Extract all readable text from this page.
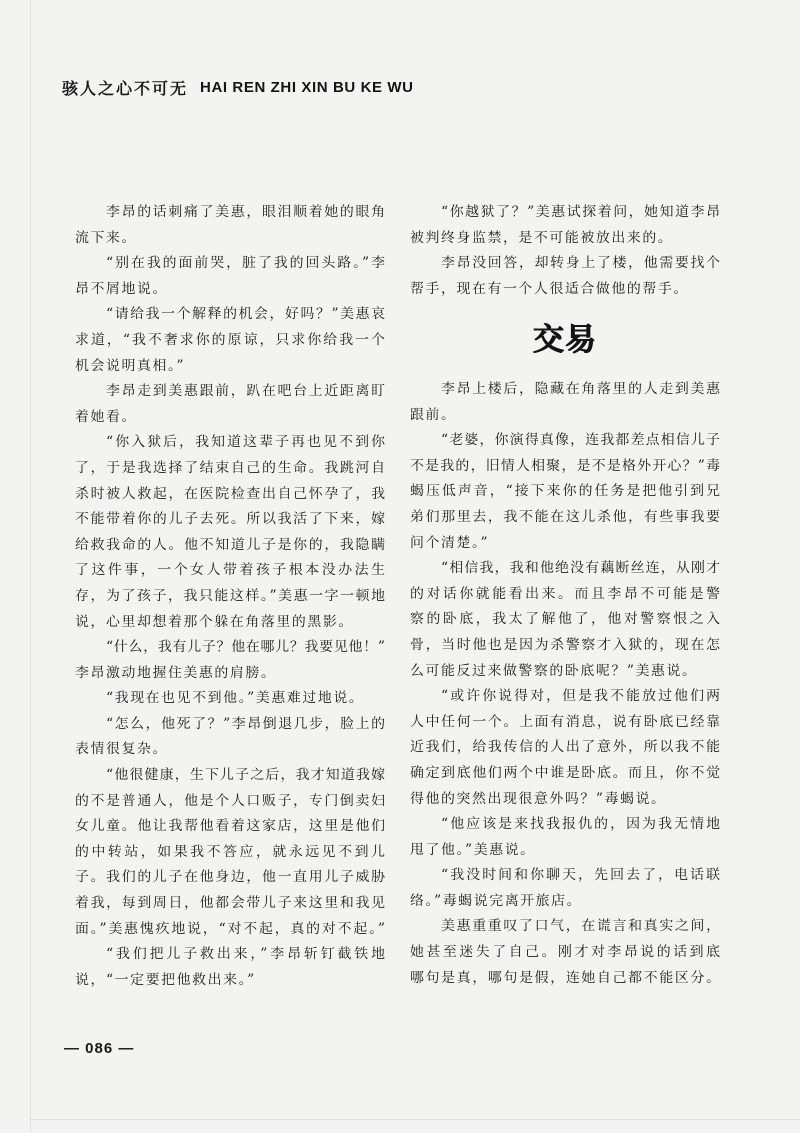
骇人之心不可无 HAI REN ZHI XIN BU KE WU
李昂的话刺痛了美惠，眼泪顺着她的眼角
流下来。
“别在我的面前哭，脏了我的回头路。”李
昂不屑地说。
“请给我一个解释的机会，好吗？”美惠哀
求道，“我不奢求你的原谅，只求你给我一个
机会说明真相。”
李昂走到美惠跟前，趴在吧台上近距离盯
着她看。
“你入狱后，我知道这辈子再也见不到你
了，于是我选择了结束自己的生命。我跳河自
杀时被人救起，在医院检查出自己怀孕了，我
不能带着你的儿子去死。所以我活了下来，嫁
给救我命的人。他不知道儿子是你的，我隐瞒
了这件事，一个女人带着孩子根本没办法生
存，为了孩子，我只能这样。”美惠一字一顿地
说，心里却想着那个躲在角落里的黑影。
“什么，我有儿子？他在哪儿？我要见他！”
李昂激动地握住美惠的肩膀。
“我现在也见不到他。”美惠难过地说。
“怎么，他死了？”李昂倒退几步，脸上的
表情很复杂。
“他很健康，生下儿子之后，我才知道我嫁
的不是普通人，他是个人口贩子，专门倒卖妇
女儿童。他让我帮他看着这家店，这里是他们
的中转站，如果我不答应，就永远见不到儿
子。我们的儿子在他身边，他一直用儿子威胁
着我，每到周日，他都会带儿子来这里和我见
面。”美惠愧疚地说，“对不起，真的对不起。”
“我们把儿子救出来，”李昂斩钉截铁地
说，“一定要把他救出来。”
“你越狱了？”美惠试探着问，她知道李昂
被判终身监禁，是不可能被放出来的。
李昂没回答，却转身上了楼，他需要找个
帮手，现在有一个人很适合做他的帮手。
交易
李昂上楼后，隐藏在角落里的人走到美惠
跟前。
“老婆，你演得真像，连我都差点相信儿子
不是我的，旧情人相聚，是不是格外开心？”毒
蝎压低声音，“接下来你的任务是把他引到兄
弟们那里去，我不能在这儿杀他，有些事我要
问个清楚。”
“相信我，我和他绝没有藕断丝连，从刚才
的对话你就能看出来。而且李昂不可能是警
察的卧底，我太了解他了，他对警察恨之入
骨，当时他也是因为杀警察才入狱的，现在怎
么可能反过来做警察的卧底呢？”美惠说。
“或许你说得对，但是我不能放过他们两
人中任何一个。上面有消息，说有卧底已经靠
近我们，给我传信的人出了意外，所以我不能
确定到底他们两个中谁是卧底。而且，你不觉
得他的突然出现很意外吗？”毒蝎说。
“他应该是来找我报仇的，因为我无情地
甩了他。”美惠说。
“我没时间和你聊天，先回去了，电话联
络。”毒蝎说完离开旅店。
美惠重重叹了口气，在谎言和真实之间，
她甚至迷失了自己。刚才对李昂说的话到底
哪句是真，哪句是假，连她自己都不能区分。
— 086 —
